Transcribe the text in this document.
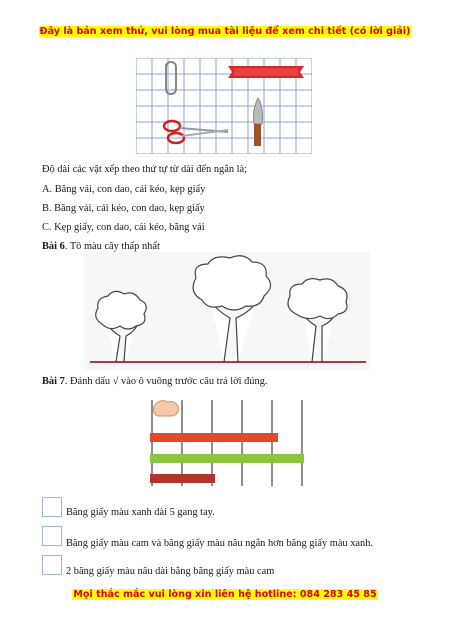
Đây là bản xem thử, vui lòng mua tài liệu để xem chi tiết (có lời giải)
Độ dài các vật xếp theo thứ tự từ dài đến ngắn là;
A. Băng vải, con dao, cái kéo, kẹp giấy
B. Băng vải, cái kéo, con dao, kẹp giấy
C. Kẹp giấy, con dao, cái kéo, băng vải
Bài 6. Tô màu cây thấp nhất
Bài 7. Đánh dấu √ vào ô vuông trước câu trả lời đúng.
Băng giấy màu xanh dài 5 gang tay.
Băng giấy màu cam và băng giấy màu nâu ngắn hơn băng giấy màu xanh.
2 băng giấy màu nâu dài bằng băng giấy màu cam
Mọi thắc mắc vui lòng xin liên hệ hotline: 084 283 45 85
